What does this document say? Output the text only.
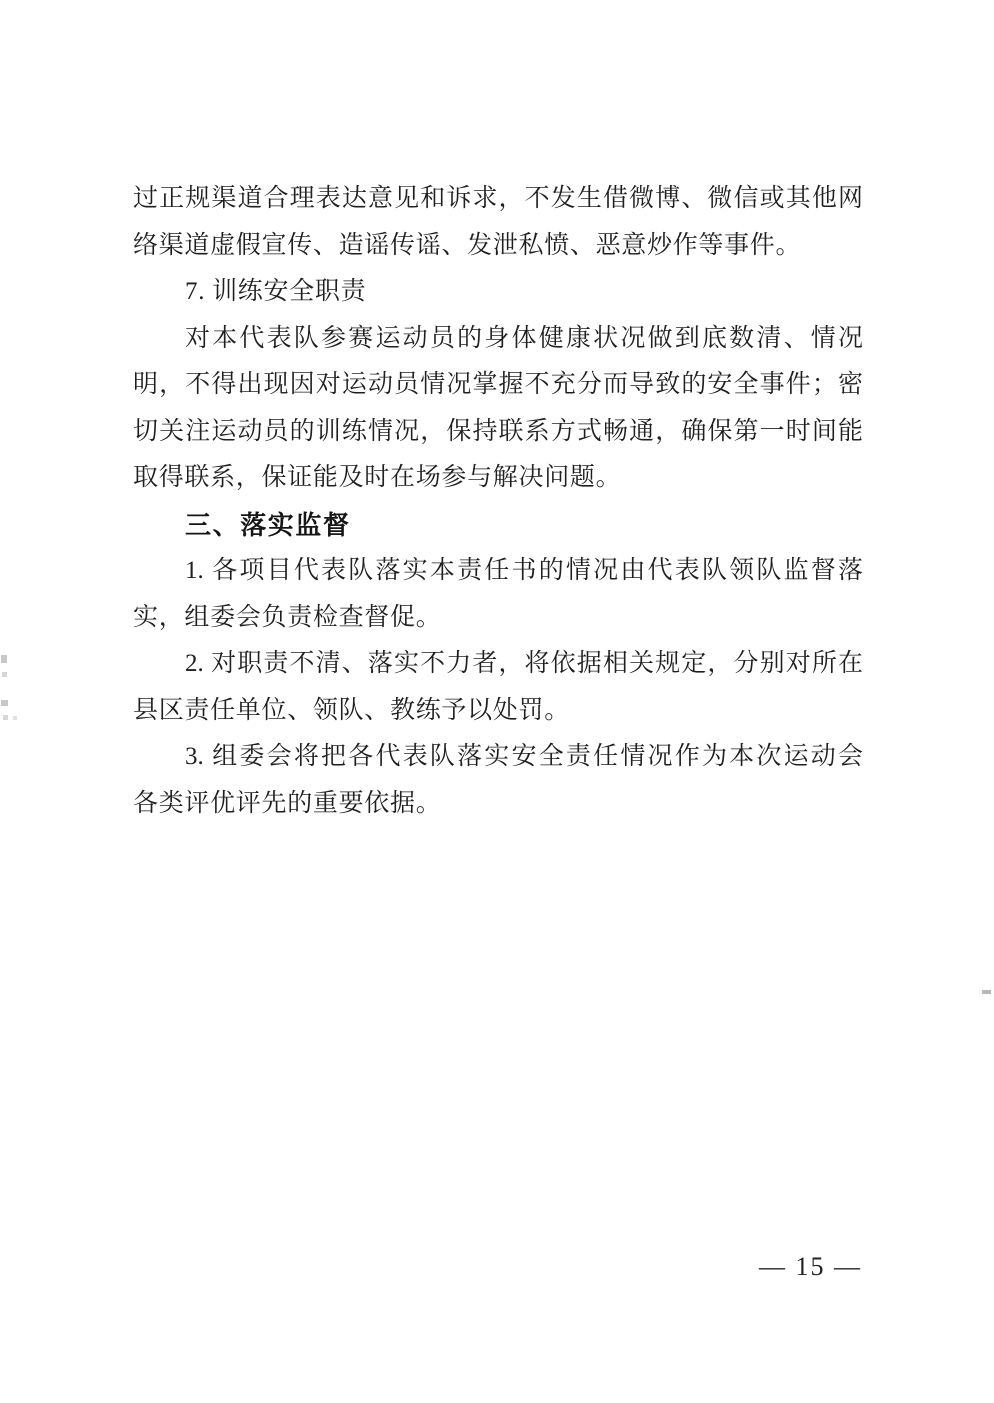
过正规渠道合理表达意见和诉求，不发生借微博、微信或其他网

络渠道虚假宣传、造谣传谣、发泄私愤、恶意炒作等事件。

7. 训练安全职责

对本代表队参赛运动员的身体健康状况做到底数清、情况

明，不得出现因对运动员情况掌握不充分而导致的安全事件；密

切关注运动员的训练情况，保持联系方式畅通，确保第一时间能

取得联系，保证能及时在场参与解决问题。

三、落实监督

1. 各项目代表队落实本责任书的情况由代表队领队监督落

实，组委会负责检查督促。

2. 对职责不清、落实不力者，将依据相关规定，分别对所在

县区责任单位、领队、教练予以处罚。

3. 组委会将把各代表队落实安全责任情况作为本次运动会

各类评优评先的重要依据。

— 15 —
